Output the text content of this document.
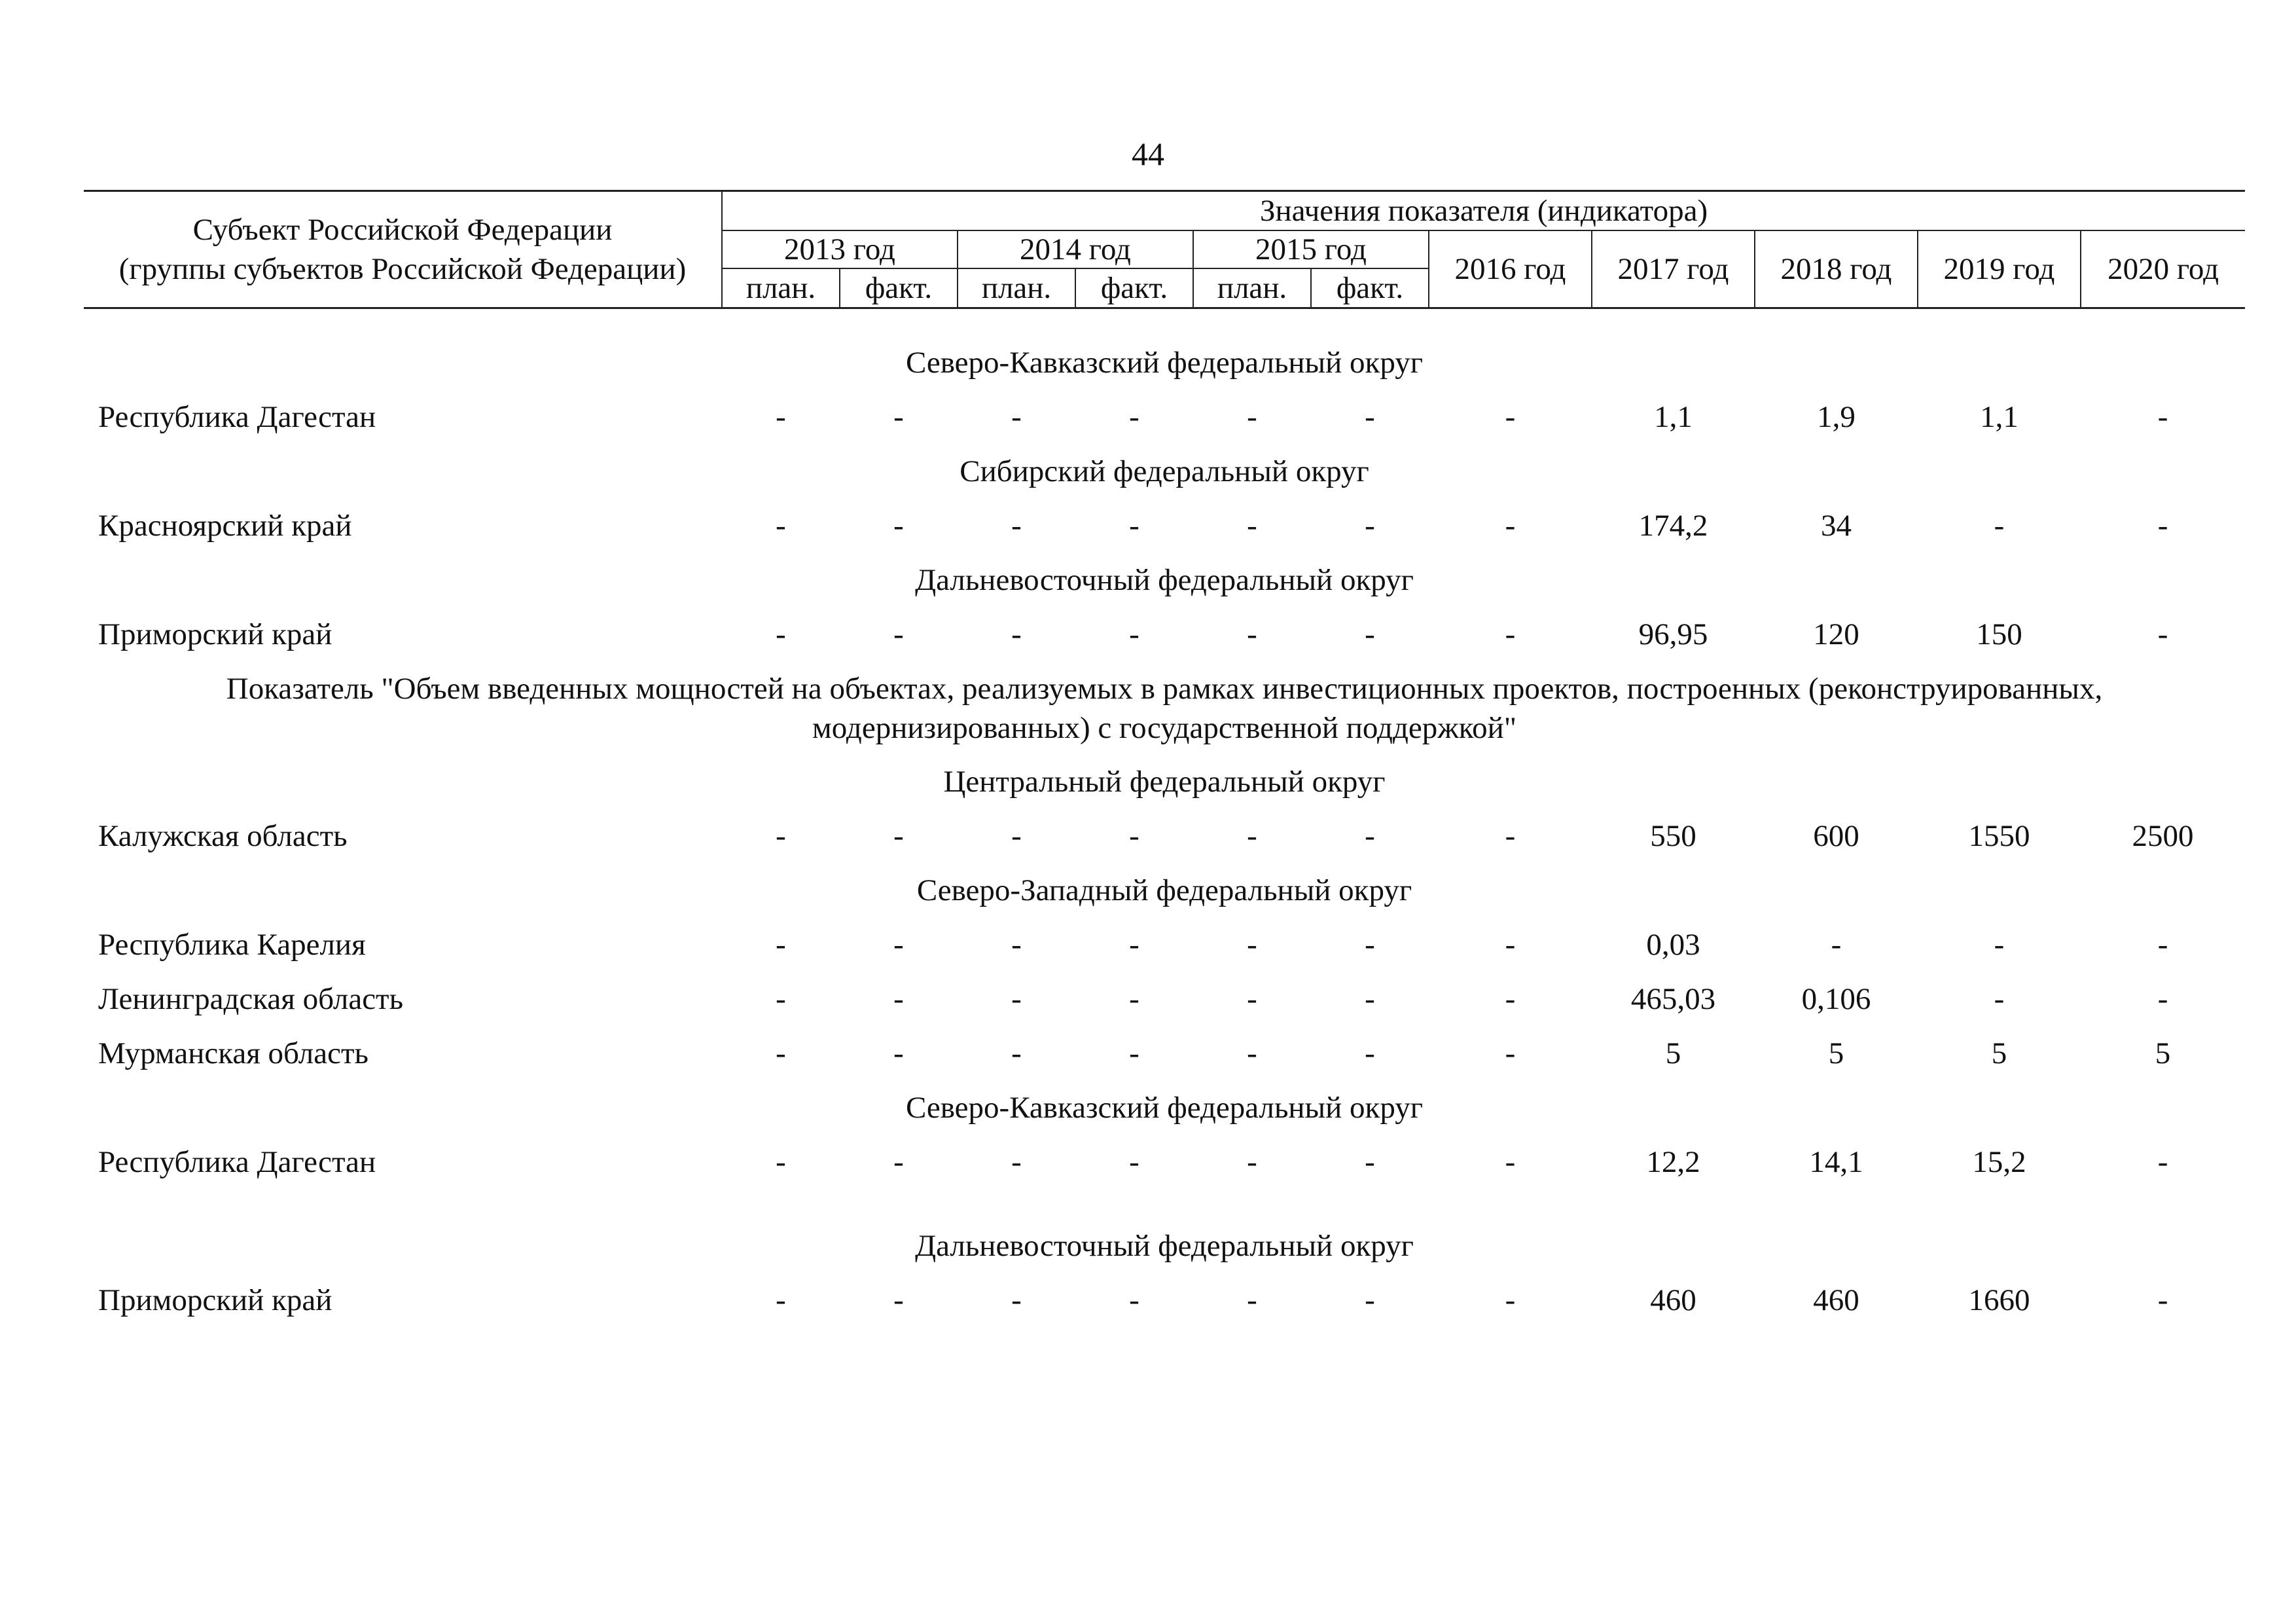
44
Субъект Российской Федерации
(группы субъектов Российской Федерации)	Значения показателя (индикатора)										
	2013 год		2014 год		2015 год		2016 год	2017 год	2018 год	2019 год	2020 год
	план.	факт.	план.	факт.	план.	факт.					

Северо-Кавказский федеральный округ											
Республика Дагестан	-	-	-	-	-	-	-	1,1	1,9	1,1	-
Сибирский федеральный округ											
Красноярский край	-	-	-	-	-	-	-	174,2	34	-	-
Дальневосточный федеральный округ											
Приморский край	-	-	-	-	-	-	-	96,95	120	150	-
Показатель "Объем введенных мощностей на объектах, реализуемых в рамках инвестиционных проектов, построенных (реконструированных, модернизированных) с государственной поддержкой"											
Центральный федеральный округ											
Калужская область	-	-	-	-	-	-	-	550	600	1550	2500
Северо-Западный федеральный округ											
Республика Карелия	-	-	-	-	-	-	-	0,03	-	-	-
Ленинградская область	-	-	-	-	-	-	-	465,03	0,106	-	-
Мурманская область	-	-	-	-	-	-	-	5	5	5	5
Северо-Кавказский федеральный округ											
Республика Дагестан	-	-	-	-	-	-	-	12,2	14,1	15,2	-

Дальневосточный федеральный округ											
Приморский край	-	-	-	-	-	-	-	460	460	1660	-
